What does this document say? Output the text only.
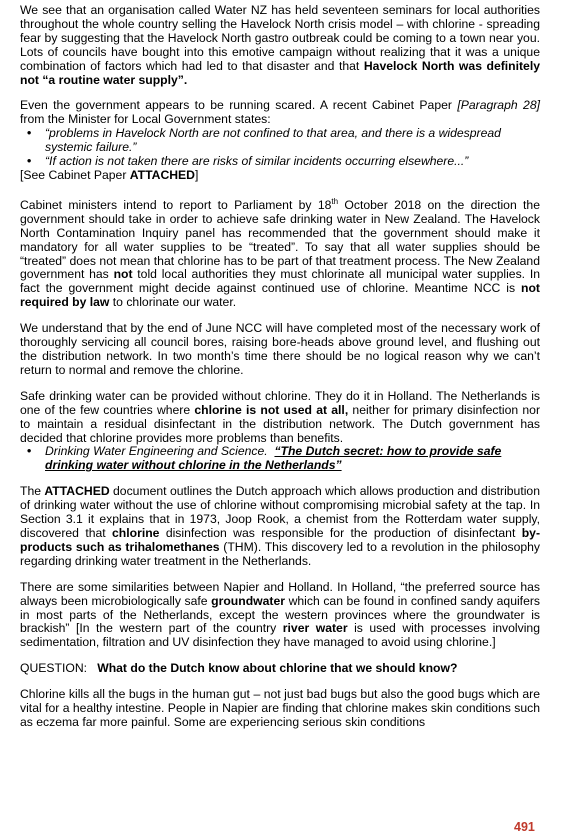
We see that an organisation called Water NZ has held seventeen seminars for local authorities throughout the whole country selling the Havelock North crisis model – with chlorine - spreading fear by suggesting that the Havelock North gastro outbreak could be coming to a town near you. Lots of councils have bought into this emotive campaign without realizing that it was a unique combination of factors which had led to that disaster and that Havelock North was definitely not “a routine water supply”.

Even the government appears to be running scared. A recent Cabinet Paper [Paragraph 28] from the Minister for Local Government states:

• “problems in Havelock North are not confined to that area, and there is a widespread systemic failure.”
• “If action is not taken there are risks of similar incidents occurring elsewhere...”

[See Cabinet Paper ATTACHED]

Cabinet ministers intend to report to Parliament by 18th October 2018 on the direction the government should take in order to achieve safe drinking water in New Zealand. The Havelock North Contamination Inquiry panel has recommended that the government should make it mandatory for all water supplies to be “treated”. To say that all water supplies should be “treated” does not mean that chlorine has to be part of that treatment process. The New Zealand government has not told local authorities they must chlorinate all municipal water supplies. In fact the government might decide against continued use of chlorine. Meantime NCC is not required by law to chlorinate our water.

We understand that by the end of June NCC will have completed most of the necessary work of thoroughly servicing all council bores, raising bore-heads above ground level, and flushing out the distribution network. In two month’s time there should be no logical reason why we can’t return to normal and remove the chlorine.

Safe drinking water can be provided without chlorine. They do it in Holland. The Netherlands is one of the few countries where chlorine is not used at all, neither for primary disinfection nor to maintain a residual disinfectant in the distribution network. The Dutch government has decided that chlorine provides more problems than benefits.

• Drinking Water Engineering and Science. “The Dutch secret: how to provide safe drinking water without chlorine in the Netherlands”

The ATTACHED document outlines the Dutch approach which allows production and distribution of drinking water without the use of chlorine without compromising microbial safety at the tap. In Section 3.1 it explains that in 1973, Joop Rook, a chemist from the Rotterdam water supply, discovered that chlorine disinfection was responsible for the production of disinfectant by-products such as trihalomethanes (THM). This discovery led to a revolution in the philosophy regarding drinking water treatment in the Netherlands.

There are some similarities between Napier and Holland. In Holland, “the preferred source has always been microbiologically safe groundwater which can be found in confined sandy aquifers in most parts of the Netherlands, except the western provinces where the groundwater is brackish” [In the western part of the country river water is used with processes involving sedimentation, filtration and UV disinfection they have managed to avoid using chlorine.]

QUESTION:   What do the Dutch know about chlorine that we should know?

Chlorine kills all the bugs in the human gut – not just bad bugs but also the good bugs which are vital for a healthy intestine. People in Napier are finding that chlorine makes skin conditions such as eczema far more painful. Some are experiencing serious skin conditions

491
